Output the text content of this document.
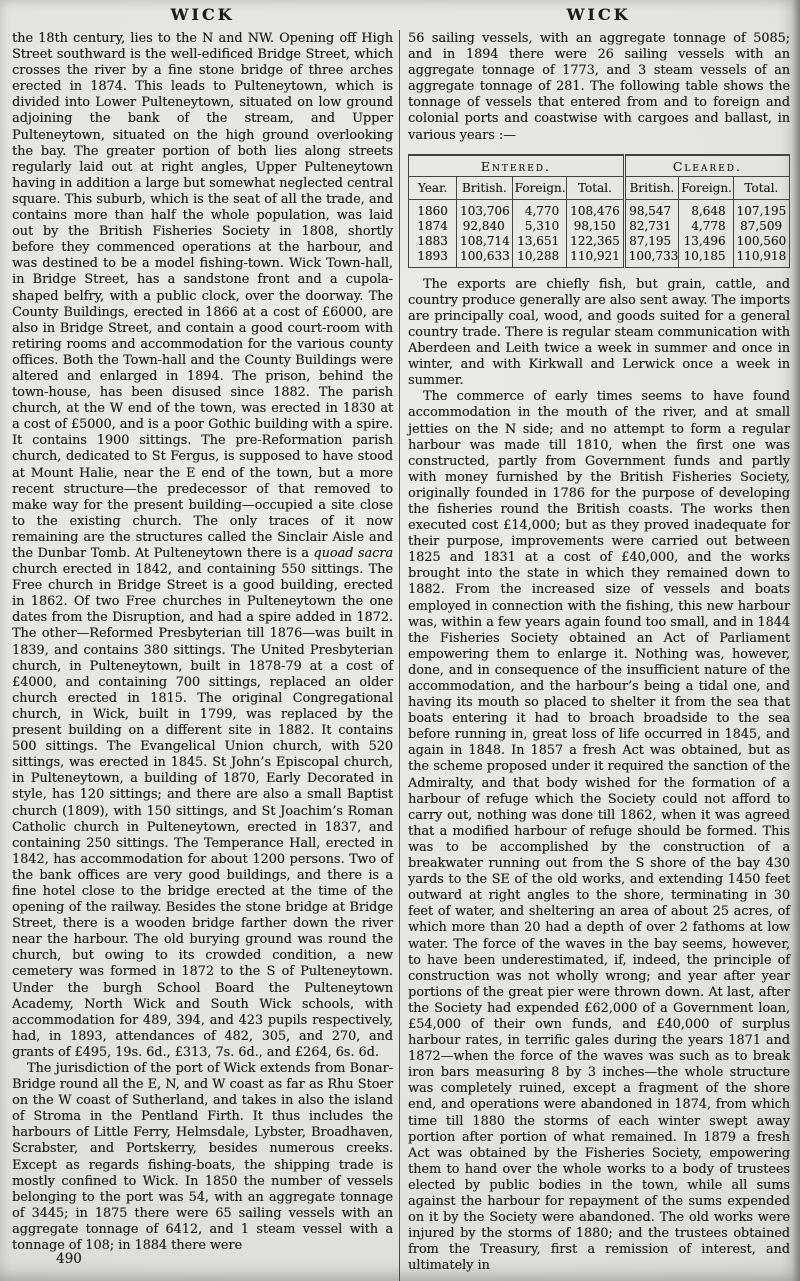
WICK	WICK

the 18th century, lies to the N and NW. Opening off High Street southward is the well-edificed Bridge Street, which crosses the river by a fine stone bridge of three arches erected in 1874. This leads to Pulteneytown, which is divided into Lower Pulteneytown, situated on low ground adjoining the bank of the stream, and Upper Pulteneytown, situated on the high ground overlooking the bay. The greater portion of both lies along streets regularly laid out at right angles, Upper Pulteneytown having in addition a large but somewhat neglected central square. This suburb, which is the seat of all the trade, and contains more than half the whole population, was laid out by the British Fisheries Society in 1808, shortly before they commenced operations at the harbour, and was destined to be a model fishing-town. Wick Town-hall, in Bridge Street, has a sandstone front and a cupola-shaped belfry, with a public clock, over the doorway. The County Buildings, erected in 1866 at a cost of £6000, are also in Bridge Street, and contain a good court-room with retiring rooms and accommodation for the various county offices. Both the Town-hall and the County Buildings were altered and enlarged in 1894. The prison, behind the town-house, has been disused since 1882. The parish church, at the W end of the town, was erected in 1830 at a cost of £5000, and is a poor Gothic building with a spire. It contains 1900 sittings. The pre-Reformation parish church, dedicated to St Fergus, is supposed to have stood at Mount Halie, near the E end of the town, but a more recent structure—the predecessor of that removed to make way for the present building—occupied a site close to the existing church. The only traces of it now remaining are the structures called the Sinclair Aisle and the Dunbar Tomb. At Pulteneytown there is a quoad sacra church erected in 1842, and containing 550 sittings. The Free church in Bridge Street is a good building, erected in 1862. Of two Free churches in Pulteneytown the one dates from the Disruption, and had a spire added in 1872. The other—Reformed Presbyterian till 1876—was built in 1839, and contains 380 sittings. The United Presbyterian church, in Pulteneytown, built in 1878-79 at a cost of £4000, and containing 700 sittings, replaced an older church erected in 1815. The original Congregational church, in Wick, built in 1799, was replaced by the present building on a different site in 1882. It contains 500 sittings. The Evangelical Union church, with 520 sittings, was erected in 1845. St John’s Episcopal church, in Pulteneytown, a building of 1870, Early Decorated in style, has 120 sittings; and there are also a small Baptist church (1809), with 150 sittings, and St Joachim’s Roman Catholic church in Pulteneytown, erected in 1837, and containing 250 sittings. The Temperance Hall, erected in 1842, has accommodation for about 1200 persons. Two of the bank offices are very good buildings, and there is a fine hotel close to the bridge erected at the time of the opening of the railway. Besides the stone bridge at Bridge Street, there is a wooden bridge farther down the river near the harbour. The old burying ground was round the church, but owing to its crowded condition, a new cemetery was formed in 1872 to the S of Pulteneytown. Under the burgh School Board the Pulteneytown Academy, North Wick and South Wick schools, with accommodation for 489, 394, and 423 pupils respectively, had, in 1893, attendances of 482, 305, and 270, and grants of £495, 19s. 6d., £313, 7s. 6d., and £264, 6s. 6d.

The jurisdiction of the port of Wick extends from Bonar-Bridge round all the E, N, and W coast as far as Rhu Stoer on the W coast of Sutherland, and takes in also the island of Stroma in the Pentland Firth. It thus includes the harbours of Little Ferry, Helmsdale, Lybster, Broadhaven, Scrabster, and Portskerry, besides numerous creeks. Except as regards fishing-boats, the shipping trade is mostly confined to Wick. In 1850 the number of vessels belonging to the port was 54, with an aggregate tonnage of 3445; in 1875 there were 65 sailing vessels with an aggregate tonnage of 6412, and 1 steam vessel with a tonnage of 108; in 1884 there were

56 sailing vessels, with an aggregate tonnage of 5085; and in 1894 there were 26 sailing vessels with an aggregate tonnage of 1773, and 3 steam vessels of an aggregate tonnage of 281. The following table shows the tonnage of vessels that entered from and to foreign and colonial ports and coastwise with cargoes and ballast, in various years :—

Entered.				Cleared.		
Year.	British.	Foreign.	Total.	British.	Foreign.	Total.
1860	103,706	4,770	108,476	98,547	8,648	107,195
1874	92,840	5,310	98,150	82,731	4,778	87,509
1883	108,714	13,651	122,365	87,195	13,496	100,560
1893	100,633	10,288	110,921	100,733	10,185	110,918

The exports are chiefly fish, but grain, cattle, and country produce generally are also sent away. The imports are principally coal, wood, and goods suited for a general country trade. There is regular steam communication with Aberdeen and Leith twice a week in summer and once in winter, and with Kirkwall and Lerwick once a week in summer.

The commerce of early times seems to have found accommodation in the mouth of the river, and at small jetties on the N side; and no attempt to form a regular harbour was made till 1810, when the first one was constructed, partly from Government funds and partly with money furnished by the British Fisheries Society, originally founded in 1786 for the purpose of developing the fisheries round the British coasts. The works then executed cost £14,000; but as they proved inadequate for their purpose, improvements were carried out between 1825 and 1831 at a cost of £40,000, and the works brought into the state in which they remained down to 1882. From the increased size of vessels and boats employed in connection with the fishing, this new harbour was, within a few years again found too small, and in 1844 the Fisheries Society obtained an Act of Parliament empowering them to enlarge it. Nothing was, however, done, and in consequence of the insufficient nature of the accommodation, and the harbour’s being a tidal one, and having its mouth so placed to shelter it from the sea that boats entering it had to broach broadside to the sea before running in, great loss of life occurred in 1845, and again in 1848. In 1857 a fresh Act was obtained, but as the scheme proposed under it required the sanction of the Admiralty, and that body wished for the formation of a harbour of refuge which the Society could not afford to carry out, nothing was done till 1862, when it was agreed that a modified harbour of refuge should be formed. This was to be accomplished by the construction of a breakwater running out from the S shore of the bay 430 yards to the SE of the old works, and extending 1450 feet outward at right angles to the shore, terminating in 30 feet of water, and sheltering an area of about 25 acres, of which more than 20 had a depth of over 2 fathoms at low water. The force of the waves in the bay seems, however, to have been underestimated, if, indeed, the principle of construction was not wholly wrong; and year after year portions of the great pier were thrown down. At last, after the Society had expended £62,000 of a Government loan, £54,000 of their own funds, and £40,000 of surplus harbour rates, in terrific gales during the years 1871 and 1872—when the force of the waves was such as to break iron bars measuring 8 by 3 inches—the whole structure was completely ruined, except a fragment of the shore end, and operations were abandoned in 1874, from which time till 1880 the storms of each winter swept away portion after portion of what remained. In 1879 a fresh Act was obtained by the Fisheries Society, empowering them to hand over the whole works to a body of trustees elected by public bodies in the town, while all sums against the harbour for repayment of the sums expended on it by the Society were abandoned. The old works were injured by the storms of 1880; and the trustees obtained from the Treasury, first a remission of interest, and ultimately in

490
